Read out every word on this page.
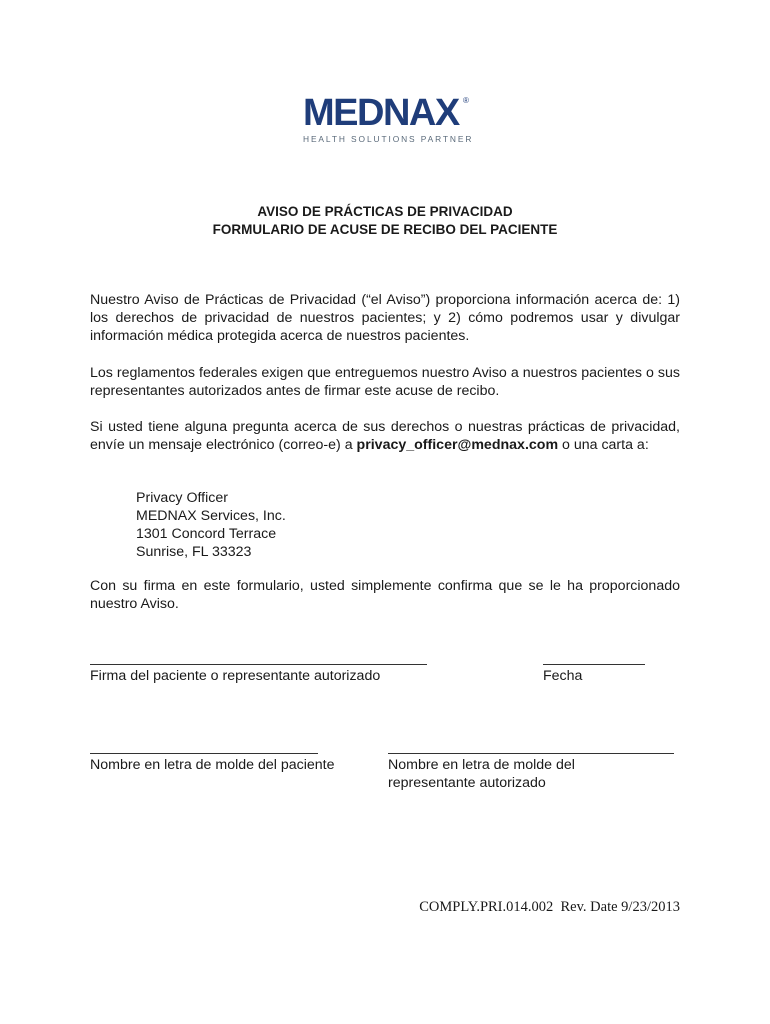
MEDNAX ®
HEALTH SOLUTIONS PARTNER
AVISO DE PRÁCTICAS DE PRIVACIDAD
FORMULARIO DE ACUSE DE RECIBO DEL PACIENTE
Nuestro Aviso de Prácticas de Privacidad (“el Aviso”) proporciona información acerca de: 1) los derechos de privacidad de nuestros pacientes; y 2) cómo podremos usar y divulgar información médica protegida acerca de nuestros pacientes.
Los reglamentos federales exigen que entreguemos nuestro Aviso a nuestros pacientes o sus representantes autorizados antes de firmar este acuse de recibo.
Si usted tiene alguna pregunta acerca de sus derechos o nuestras prácticas de privacidad, envíe un mensaje electrónico (correo-e) a privacy_officer@mednax.com o una carta a:
Privacy Officer
MEDNAX Services, Inc.
1301 Concord Terrace
Sunrise, FL 33323
Con su firma en este formulario, usted simplemente confirma que se le ha proporcionado nuestro Aviso.
Firma del paciente o representante autorizado	Fecha
Nombre en letra de molde del paciente	Nombre en letra de molde del
representante autorizado
COMPLY.PRI.014.002  Rev. Date 9/23/2013
